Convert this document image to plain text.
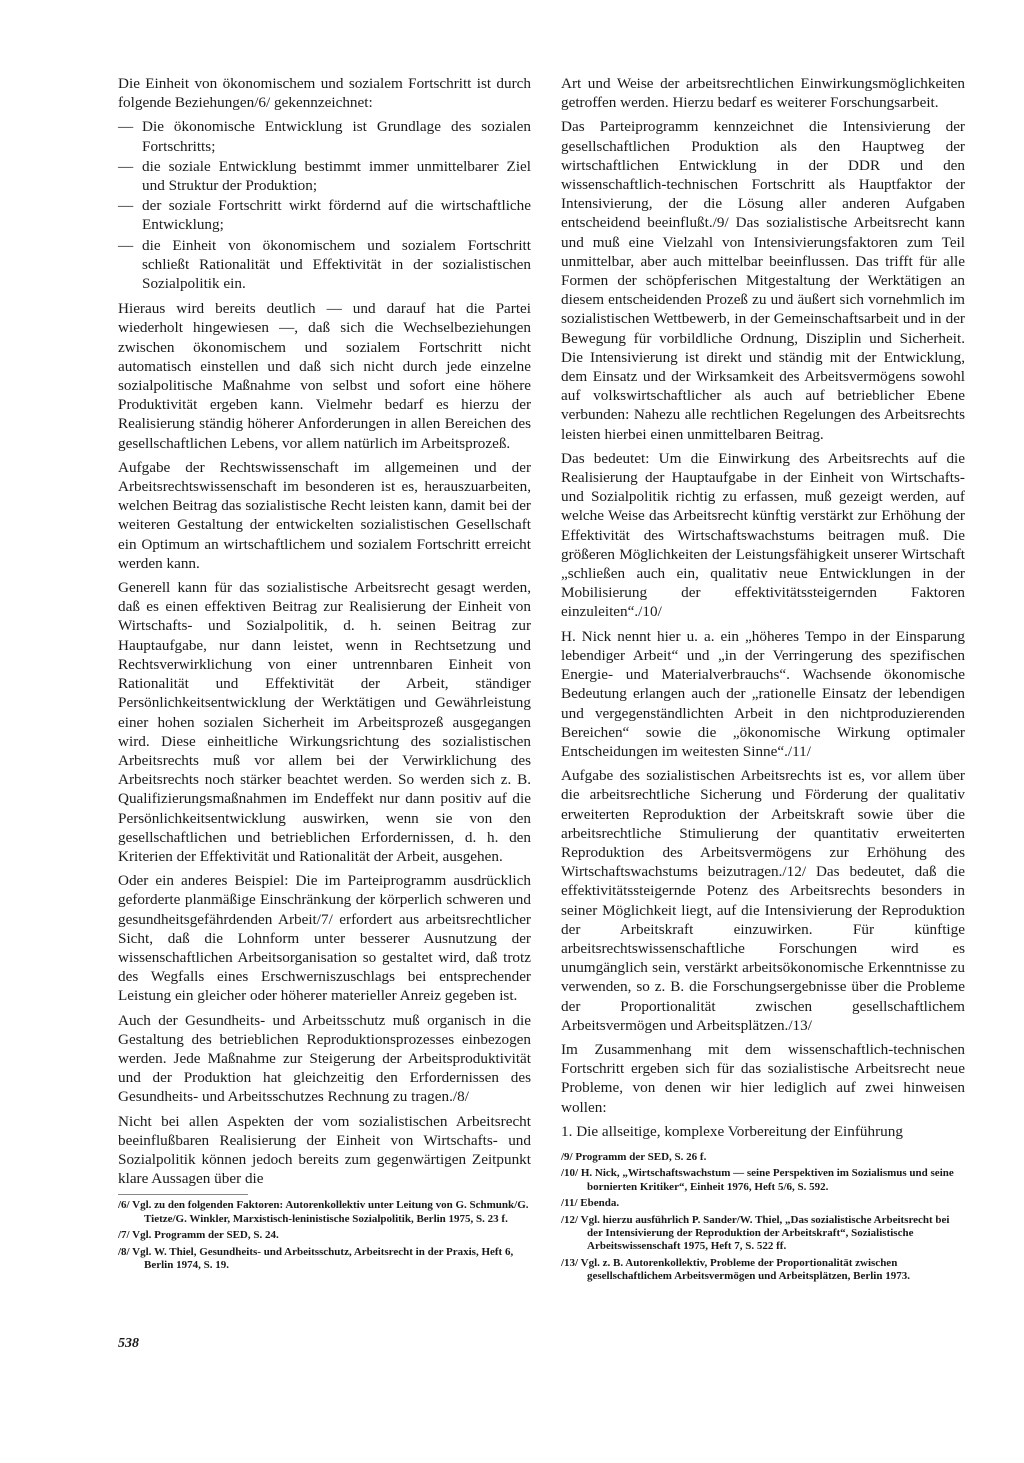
Die Einheit von ökonomischem und sozialem Fortschritt ist durch folgende Beziehungen/6/ gekennzeichnet:

— Die ökonomische Entwicklung ist Grundlage des sozialen Fortschritts;
— die soziale Entwicklung bestimmt immer unmittelbarer Ziel und Struktur der Produktion;
— der soziale Fortschritt wirkt fördernd auf die wirtschaftliche Entwicklung;
— die Einheit von ökonomischem und sozialem Fortschritt schließt Rationalität und Effektivität in der sozialistischen Sozialpolitik ein.

Hieraus wird bereits deutlich — und darauf hat die Partei wiederholt hingewiesen —, daß sich die Wechselbeziehungen zwischen ökonomischem und sozialem Fortschritt nicht automatisch einstellen und daß sich nicht durch jede einzelne sozialpolitische Maßnahme von selbst und sofort eine höhere Produktivität ergeben kann. Vielmehr bedarf es hierzu der Realisierung ständig höherer Anforderungen in allen Bereichen des gesellschaftlichen Lebens, vor allem natürlich im Arbeitsprozeß.

Aufgabe der Rechtswissenschaft im allgemeinen und der Arbeitsrechtswissenschaft im besonderen ist es, herauszuarbeiten, welchen Beitrag das sozialistische Recht leisten kann, damit bei der weiteren Gestaltung der entwickelten sozialistischen Gesellschaft ein Optimum an wirtschaftlichem und sozialem Fortschritt erreicht werden kann.

Generell kann für das sozialistische Arbeitsrecht gesagt werden, daß es einen effektiven Beitrag zur Realisierung der Einheit von Wirtschafts- und Sozialpolitik, d. h. seinen Beitrag zur Hauptaufgabe, nur dann leistet, wenn in Rechtsetzung und Rechtsverwirklichung von einer untrennbaren Einheit von Rationalität und Effektivität der Arbeit, ständiger Persönlichkeitsentwicklung der Werktätigen und Gewährleistung einer hohen sozialen Sicherheit im Arbeitsprozeß ausgegangen wird. Diese einheitliche Wirkungsrichtung des sozialistischen Arbeitsrechts muß vor allem bei der Verwirklichung des Arbeitsrechts noch stärker beachtet werden. So werden sich z. B. Qualifizierungsmaßnahmen im Endeffekt nur dann positiv auf die Persönlichkeitsentwicklung auswirken, wenn sie von den gesellschaftlichen und betrieblichen Erfordernissen, d. h. den Kriterien der Effektivität und Rationalität der Arbeit, ausgehen.

Oder ein anderes Beispiel: Die im Parteiprogramm ausdrücklich geforderte planmäßige Einschränkung der körperlich schweren und gesundheitsgefährdenden Arbeit/7/ erfordert aus arbeitsrechtlicher Sicht, daß die Lohnform unter besserer Ausnutzung der wissenschaftlichen Arbeitsorganisation so gestaltet wird, daß trotz des Wegfalls eines Erschwerniszuschlags bei entsprechender Leistung ein gleicher oder höherer materieller Anreiz gegeben ist.

Auch der Gesundheits- und Arbeitsschutz muß organisch in die Gestaltung des betrieblichen Reproduktionsprozesses einbezogen werden. Jede Maßnahme zur Steigerung der Arbeitsproduktivität und der Produktion hat gleichzeitig den Erfordernissen des Gesundheits- und Arbeitsschutzes Rechnung zu tragen./8/

Nicht bei allen Aspekten der vom sozialistischen Arbeitsrecht beeinflußbaren Realisierung der Einheit von Wirtschafts- und Sozialpolitik können jedoch bereits zum gegenwärtigen Zeitpunkt klare Aussagen über die

/6/ Vgl. zu den folgenden Faktoren: Autorenkollektiv unter Leitung von G. Schmunk/G. Tietze/G. Winkler, Marxistisch-leninistische Sozialpolitik, Berlin 1975, S. 23 f.

/7/ Vgl. Programm der SED, S. 24.

/8/ Vgl. W. Thiel, Gesundheits- und Arbeitsschutz, Arbeitsrecht in der Praxis, Heft 6, Berlin 1974, S. 19.

Art und Weise der arbeitsrechtlichen Einwirkungsmöglichkeiten getroffen werden. Hierzu bedarf es weiterer Forschungsarbeit.

Das Parteiprogramm kennzeichnet die Intensivierung der gesellschaftlichen Produktion als den Hauptweg der wirtschaftlichen Entwicklung in der DDR und den wissenschaftlich-technischen Fortschritt als Hauptfaktor der Intensivierung, der die Lösung aller anderen Aufgaben entscheidend beeinflußt./9/ Das sozialistische Arbeitsrecht kann und muß eine Vielzahl von Intensivierungsfaktoren zum Teil unmittelbar, aber auch mittelbar beeinflussen. Das trifft für alle Formen der schöpferischen Mitgestaltung der Werktätigen an diesem entscheidenden Prozeß zu und äußert sich vornehmlich im sozialistischen Wettbewerb, in der Gemeinschaftsarbeit und in der Bewegung für vorbildliche Ordnung, Disziplin und Sicherheit. Die Intensivierung ist direkt und ständig mit der Entwicklung, dem Einsatz und der Wirksamkeit des Arbeitsvermögens sowohl auf volkswirtschaftlicher als auch auf betrieblicher Ebene verbunden: Nahezu alle rechtlichen Regelungen des Arbeitsrechts leisten hierbei einen unmittelbaren Beitrag.

Das bedeutet: Um die Einwirkung des Arbeitsrechts auf die Realisierung der Hauptaufgabe in der Einheit von Wirtschafts- und Sozialpolitik richtig zu erfassen, muß gezeigt werden, auf welche Weise das Arbeitsrecht künftig verstärkt zur Erhöhung der Effektivität des Wirtschaftswachstums beitragen muß. Die größeren Möglichkeiten der Leistungsfähigkeit unserer Wirtschaft „schließen auch ein, qualitativ neue Entwicklungen in der Mobilisierung der effektivitätssteigernden Faktoren einzuleiten“./10/

H. Nick nennt hier u. a. ein „höheres Tempo in der Einsparung lebendiger Arbeit“ und „in der Verringerung des spezifischen Energie- und Materialverbrauchs“. Wachsende ökonomische Bedeutung erlangen auch der „rationelle Einsatz der lebendigen und vergegenständlichten Arbeit in den nichtproduzierenden Bereichen“ sowie die „ökonomische Wirkung optimaler Entscheidungen im weitesten Sinne“./11/

Aufgabe des sozialistischen Arbeitsrechts ist es, vor allem über die arbeitsrechtliche Sicherung und Förderung der qualitativ erweiterten Reproduktion der Arbeitskraft sowie über die arbeitsrechtliche Stimulierung der quantitativ erweiterten Reproduktion des Arbeitsvermögens zur Erhöhung des Wirtschaftswachstums beizutragen./12/ Das bedeutet, daß die effektivitätssteigernde Potenz des Arbeitsrechts besonders in seiner Möglichkeit liegt, auf die Intensivierung der Reproduktion der Arbeitskraft einzuwirken. Für künftige arbeitsrechtswissenschaftliche Forschungen wird es unumgänglich sein, verstärkt arbeitsökonomische Erkenntnisse zu verwenden, so z. B. die Forschungsergebnisse über die Probleme der Proportionalität zwischen gesellschaftlichem Arbeitsvermögen und Arbeitsplätzen./13/

Im Zusammenhang mit dem wissenschaftlich-technischen Fortschritt ergeben sich für das sozialistische Arbeitsrecht neue Probleme, von denen wir hier lediglich auf zwei hinweisen wollen:

1. Die allseitige, komplexe Vorbereitung der Einführung

/9/ Programm der SED, S. 26 f.

/10/ H. Nick, „Wirtschaftswachstum — seine Perspektiven im Sozialismus und seine bornierten Kritiker“, Einheit 1976, Heft 5/6, S. 592.

/11/ Ebenda.

/12/ Vgl. hierzu ausführlich P. Sander/W. Thiel, „Das sozialistische Arbeitsrecht bei der Intensivierung der Reproduktion der Arbeitskraft“, Sozialistische Arbeitswissenschaft 1975, Heft 7, S. 522 ff.

/13/ Vgl. z. B. Autorenkollektiv, Probleme der Proportionalität zwischen gesellschaftlichem Arbeitsvermögen und Arbeitsplätzen, Berlin 1973.

538
